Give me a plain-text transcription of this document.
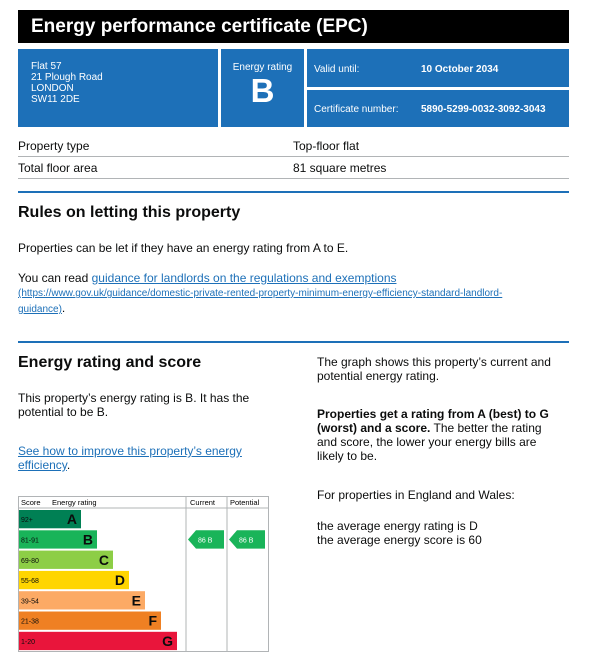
Energy performance certificate (EPC)
Flat 57
21 Plough Road
LONDON
SW11 2DE
Energy rating
B
Valid until:	10 October 2034
Certificate number: 5890-5299-0032-3092-3043
Property type	Top-floor flat
Total floor area	81 square metres
Rules on letting this property

Properties can be let if they have an energy rating from A to E.

You can read guidance for landlords on the regulations and exemptions
(https://www.gov.uk/guidance/domestic-private-rented-property-minimum-energy-efficiency-standard-landlord-
guidance).

Energy rating and score

This property’s energy rating is B. It has the
potential to be B.

See how to improve this property’s energy
efficiency.

The graph shows this property’s current and
potential energy rating.

Properties get a rating from A (best) to G
(worst) and a score. The better the rating
and score, the lower your energy bills are
likely to be.

For properties in England and Wales:

the average energy rating is D
the average energy score is 60

Score Energy rating	Current Potential
92+ A
81-91	B
69-80	C
55-68	D
39-54	E
21-38	F
1-20	G
86 B	86 B
